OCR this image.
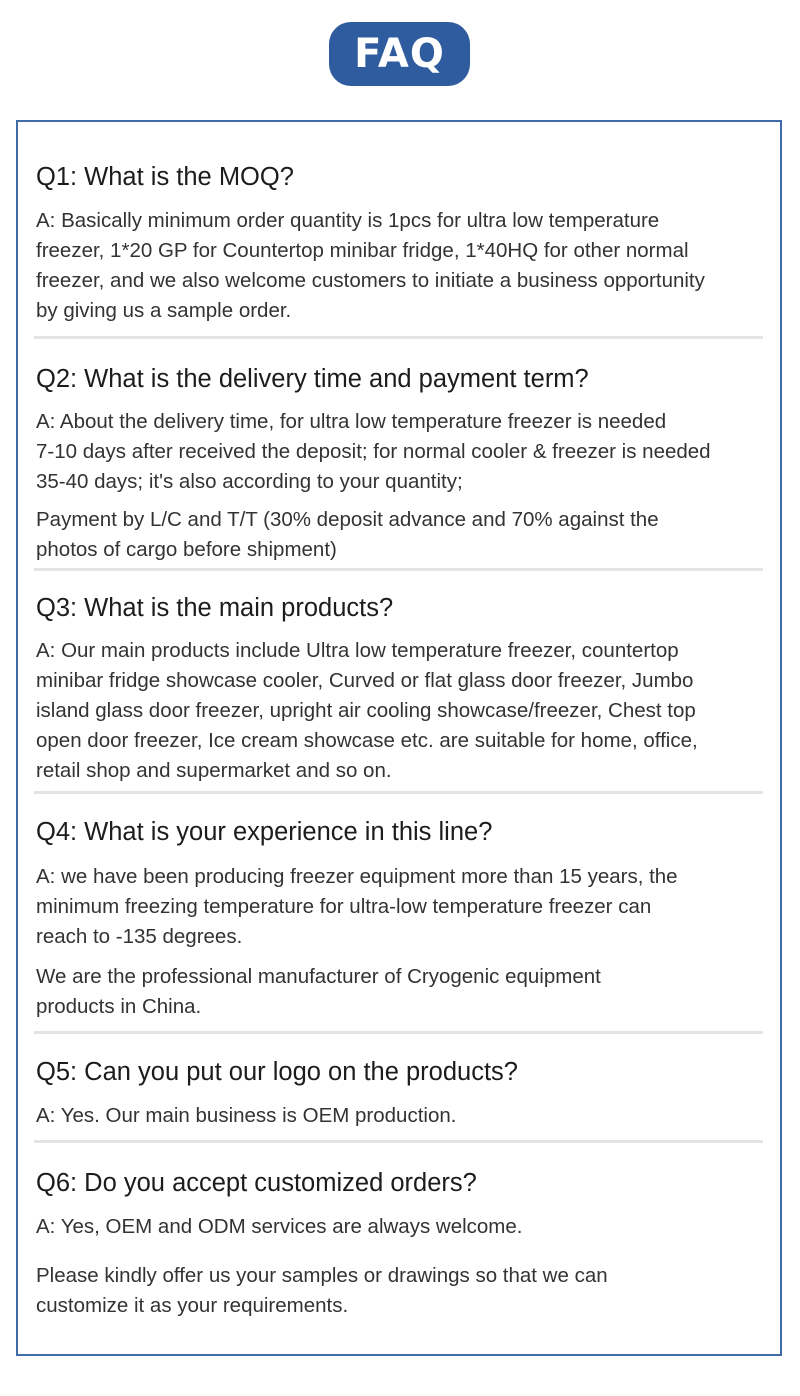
FAQ
Q1: What is the MOQ?
A: Basically minimum order quantity is 1pcs for ultra low temperature
freezer, 1*20 GP for Countertop minibar fridge, 1*40HQ for other normal
freezer, and we also welcome customers to initiate a business opportunity
by giving us a sample order.
Q2: What is the delivery time and payment term?
A: About the delivery time, for ultra low temperature freezer is needed
7-10 days after received the deposit; for normal cooler & freezer is needed
35-40 days; it's also according to your quantity;
Payment by L/C and T/T (30% deposit advance and 70% against the
photos of cargo before shipment)
Q3: What is the main products?
A: Our main products include Ultra low temperature freezer, countertop
minibar fridge showcase cooler, Curved or flat glass door freezer, Jumbo
island glass door freezer, upright air cooling showcase/freezer, Chest top
open door freezer, Ice cream showcase etc. are suitable for home, office,
retail shop and supermarket and so on.
Q4: What is your experience in this line?
A: we have been producing freezer equipment more than 15 years, the
minimum freezing temperature for ultra-low temperature freezer can
reach to -135 degrees.
We are the professional manufacturer of Cryogenic equipment
products in China.
Q5: Can you put our logo on the products?
A: Yes. Our main business is OEM production.
Q6: Do you accept customized orders?
A: Yes, OEM and ODM services are always welcome.
Please kindly offer us your samples or drawings so that we can
customize it as your requirements.
